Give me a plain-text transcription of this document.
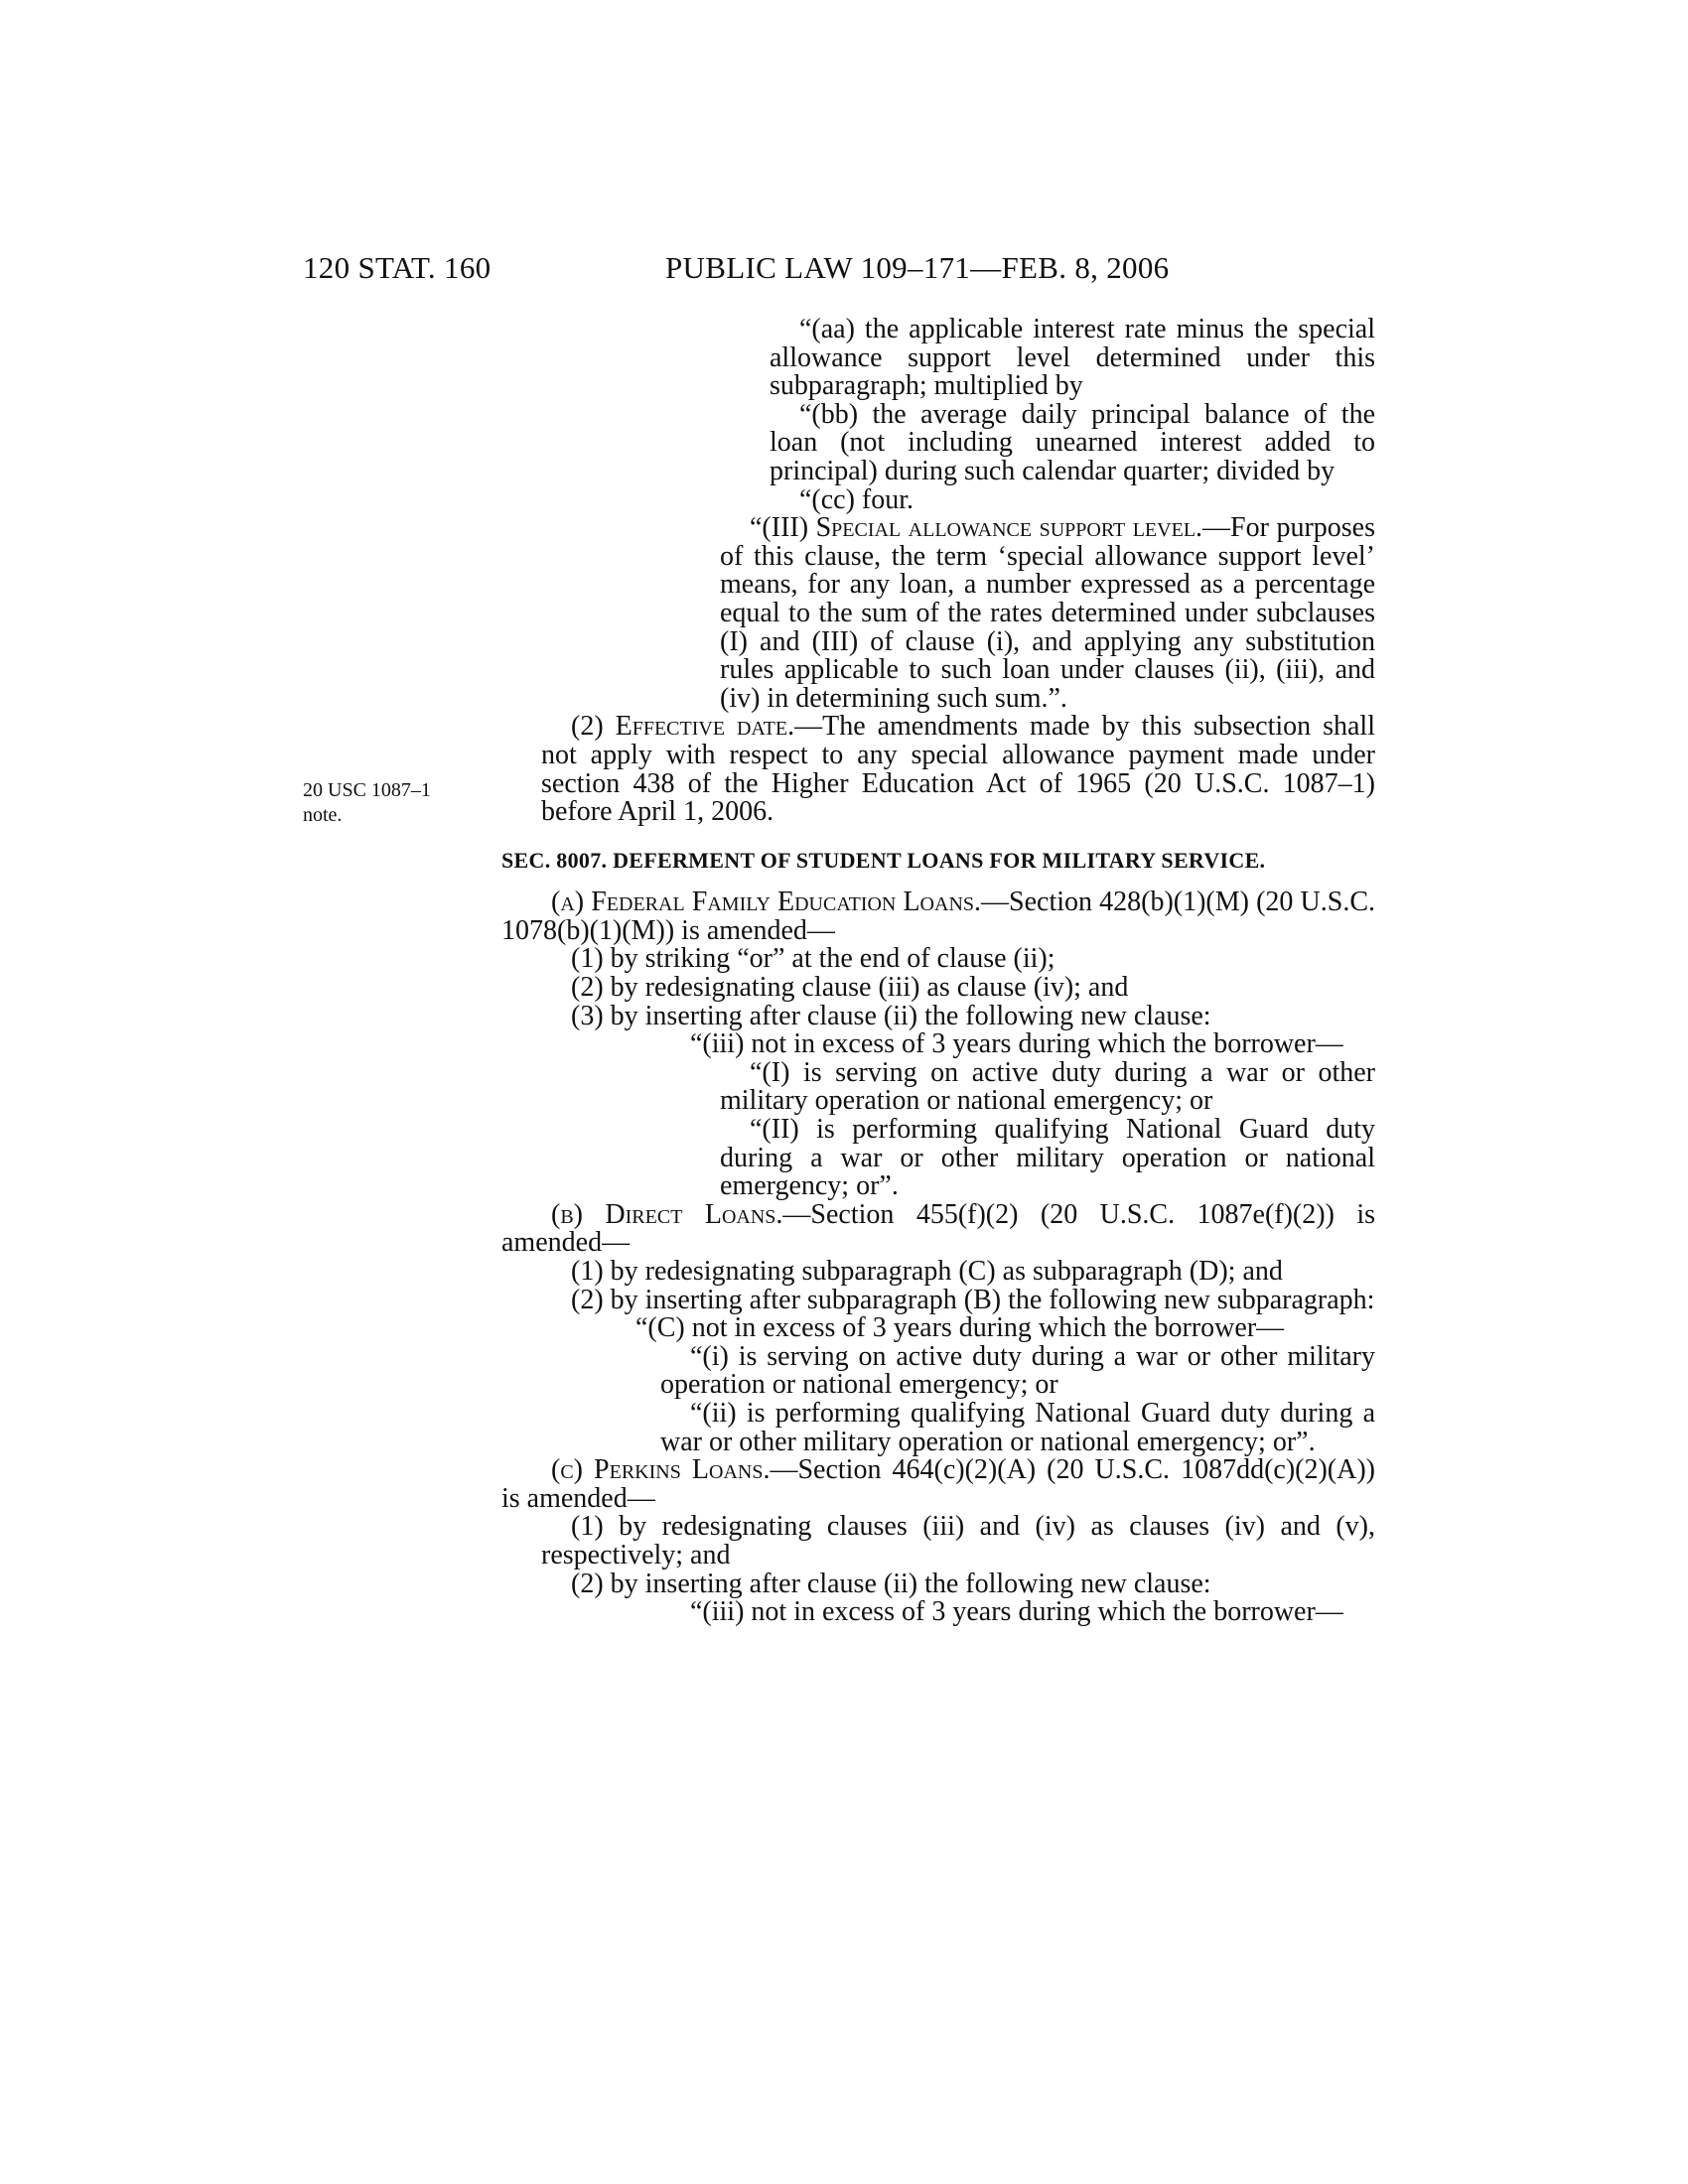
120 STAT. 160	PUBLIC LAW 109–171—FEB. 8, 2006
20 USC 1087–1
note.

“(aa) the applicable interest rate minus the special allowance support level determined under this subparagraph; multiplied by

“(bb) the average daily principal balance of the loan (not including unearned interest added to principal) during such calendar quarter; divided by

“(cc) four.

“(III) Special allowance support level.—For purposes of this clause, the term ‘special allowance support level’ means, for any loan, a number expressed as a percentage equal to the sum of the rates determined under subclauses (I) and (III) of clause (i), and applying any substitution rules applicable to such loan under clauses (ii), (iii), and (iv) in determining such sum.”.

(2) Effective date.—The amendments made by this subsection shall not apply with respect to any special allowance payment made under section 438 of the Higher Education Act of 1965 (20 U.S.C. 1087–1) before April 1, 2006.

SEC. 8007. DEFERMENT OF STUDENT LOANS FOR MILITARY SERVICE.

(a) Federal Family Education Loans.—Section 428(b)(1)(M) (20 U.S.C. 1078(b)(1)(M)) is amended—

(1) by striking “or” at the end of clause (ii);

(2) by redesignating clause (iii) as clause (iv); and

(3) by inserting after clause (ii) the following new clause:

“(iii) not in excess of 3 years during which the borrower—

“(I) is serving on active duty during a war or other military operation or national emergency; or

“(II) is performing qualifying National Guard duty during a war or other military operation or national emergency; or”.

(b) Direct Loans.—Section 455(f)(2) (20 U.S.C. 1087e(f)(2)) is amended—

(1) by redesignating subparagraph (C) as subparagraph (D); and

(2) by inserting after subparagraph (B) the following new subparagraph:

“(C) not in excess of 3 years during which the borrower—

“(i) is serving on active duty during a war or other military operation or national emergency; or

“(ii) is performing qualifying National Guard duty during a war or other military operation or national emergency; or”.

(c) Perkins Loans.—Section 464(c)(2)(A) (20 U.S.C. 1087dd(c)(2)(A)) is amended—

(1) by redesignating clauses (iii) and (iv) as clauses (iv) and (v), respectively; and

(2) by inserting after clause (ii) the following new clause:

“(iii) not in excess of 3 years during which the borrower—
